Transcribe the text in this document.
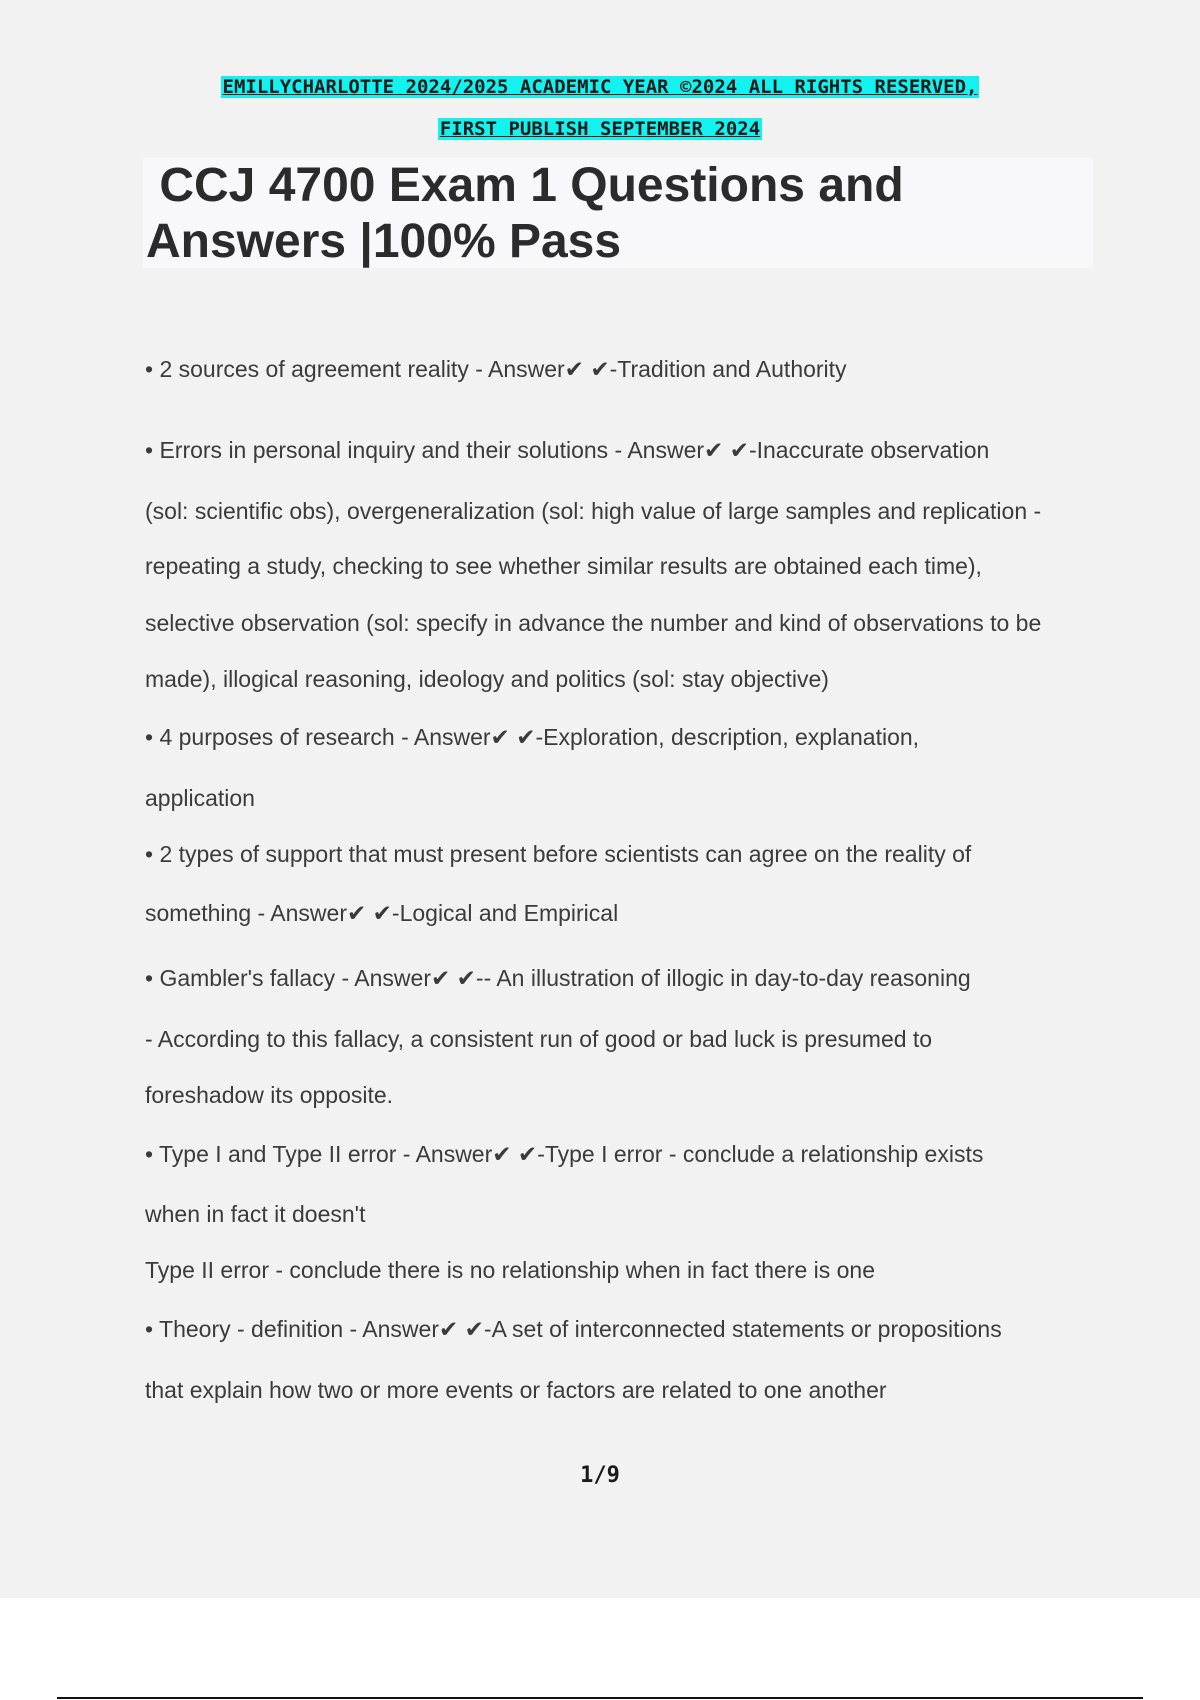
EMILLYCHARLOTTE 2024/2025 ACADEMIC YEAR ©2024 ALL RIGHTS RESERVED,
FIRST PUBLISH SEPTEMBER 2024
CCJ 4700 Exam 1 Questions and
Answers |100% Pass

• 2 sources of agreement reality - Answer✔ ✔-Tradition and Authority

• Errors in personal inquiry and their solutions - Answer✔ ✔-Inaccurate observation

(sol: scientific obs), overgeneralization (sol: high value of large samples and replication -

repeating a study, checking to see whether similar results are obtained each time),

selective observation (sol: specify in advance the number and kind of observations to be

made), illogical reasoning, ideology and politics (sol: stay objective)

• 4 purposes of research - Answer✔ ✔-Exploration, description, explanation,

application

• 2 types of support that must present before scientists can agree on the reality of

something - Answer✔ ✔-Logical and Empirical

• Gambler's fallacy - Answer✔ ✔-- An illustration of illogic in day-to-day reasoning

- According to this fallacy, a consistent run of good or bad luck is presumed to

foreshadow its opposite.

• Type I and Type II error - Answer✔ ✔-Type I error - conclude a relationship exists

when in fact it doesn't

Type II error - conclude there is no relationship when in fact there is one

• Theory - definition - Answer✔ ✔-A set of interconnected statements or propositions

that explain how two or more events or factors are related to one another

1/9
